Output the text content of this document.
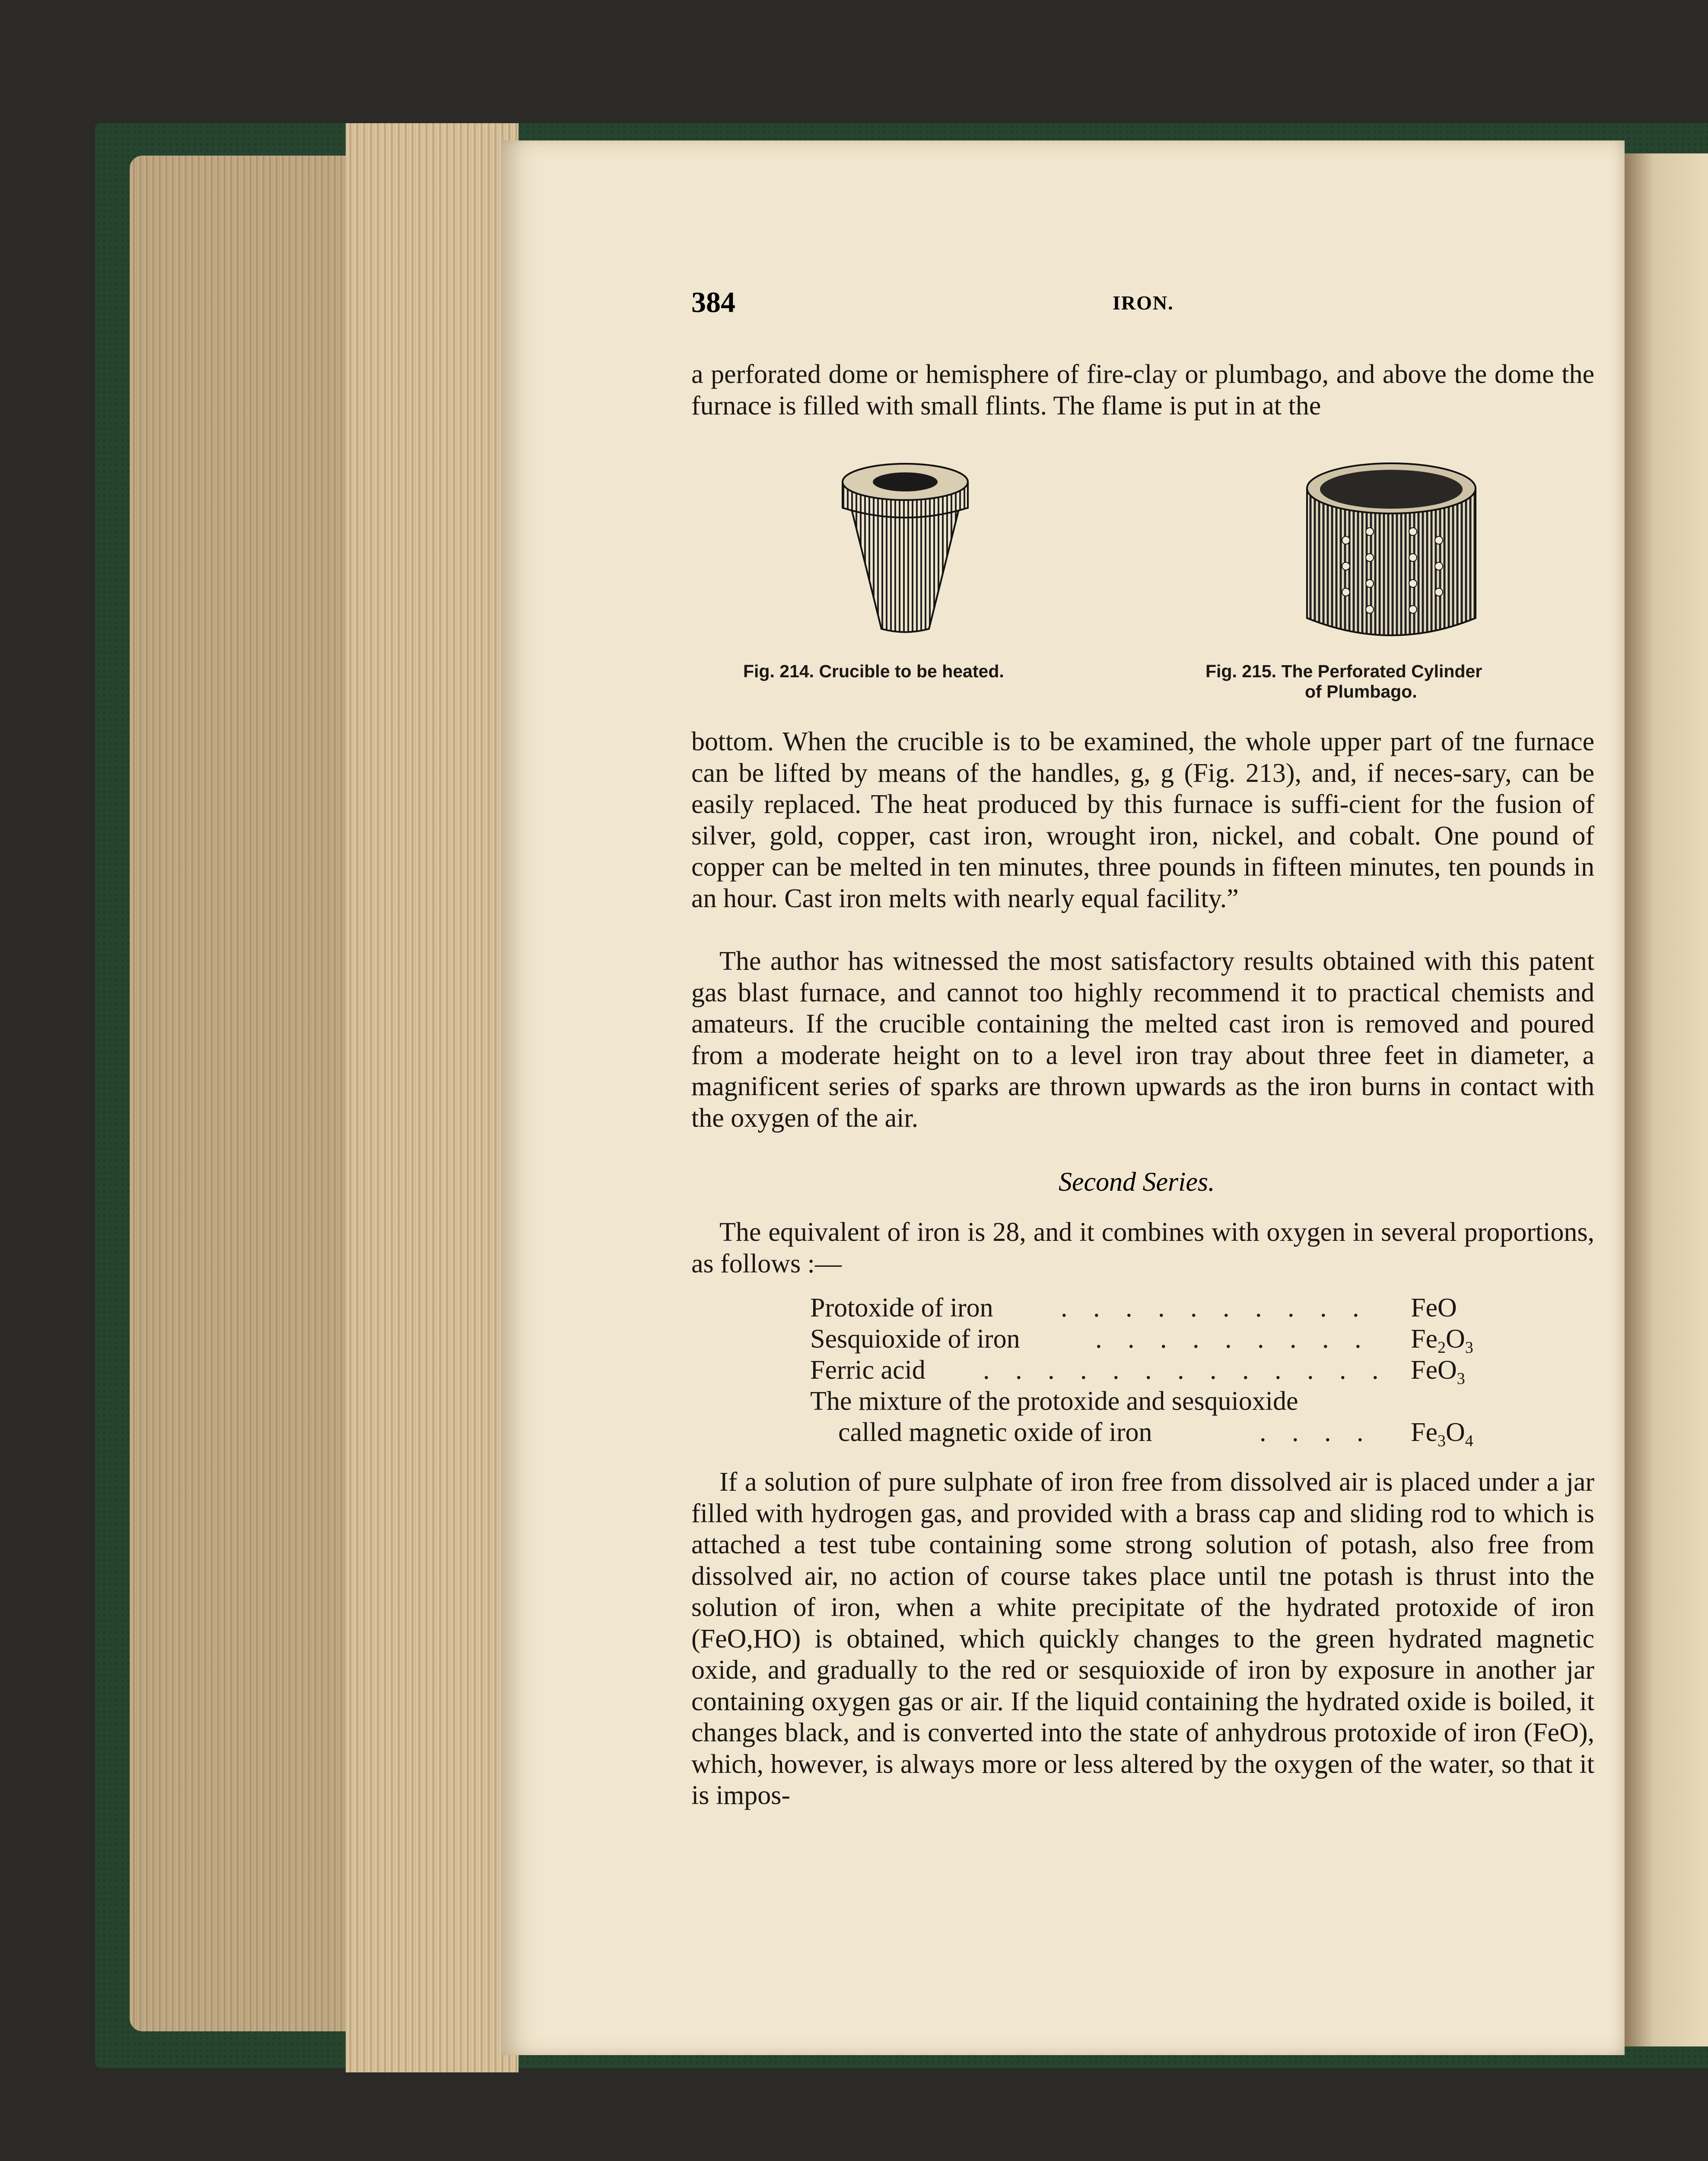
384	IRON.
a perforated dome or hemisphere of fire-clay or plumbago, and above the dome the furnace is filled with small flints. The flame is put in at the
Fig. 214. Crucible to be heated.	Fig. 215. The Perforated Cylinder
of Plumbago.
bottom. When the crucible is to be examined, the whole upper part of tne furnace can be lifted by means of the handles, g, g (Fig. 213), and, if neces-sary, can be easily replaced. The heat produced by this furnace is suffi-cient for the fusion of silver, gold, copper, cast iron, wrought iron, nickel, and cobalt. One pound of copper can be melted in ten minutes, three pounds in fifteen minutes, ten pounds in an hour. Cast iron melts with nearly equal facility.”
The author has witnessed the most satisfactory results obtained with this patent gas blast furnace, and cannot too highly recommend it to practical chemists and amateurs. If the crucible containing the melted cast iron is removed and poured from a moderate height on to a level iron tray about three feet in diameter, a magnificent series of sparks are thrown upwards as the iron burns in contact with the oxygen of the air.
Second Series.
The equivalent of iron is 28, and it combines with oxygen in several proportions, as follows :—
Protoxide of iron	. . . . . . . . . . FeO
Sesquioxide of iron	. . . . . . . . . $Fe_2O_3$
Ferric acid . . . . . . . . . . . . . FeO$_3$
The mixture of the protoxide and sesquioxide
called magnetic oxide of iron	. . . . $Fe_3O_4$
If a solution of pure sulphate of iron free from dissolved air is placed under a jar filled with hydrogen gas, and provided with a brass cap and sliding rod to which is attached a test tube containing some strong solution of potash, also free from dissolved air, no action of course takes place until tne potash is thrust into the solution of iron, when a white precipitate of the hydrated protoxide of iron (FeO,HO) is obtained, which quickly changes to the green hydrated magnetic oxide, and gradually to the red or sesquioxide of iron by exposure in another jar containing oxygen gas or air. If the liquid containing the hydrated oxide is boiled, it changes black, and is converted into the state of anhydrous protoxide of iron (FeO), which, however, is always more or less altered by the oxygen of the water, so that it is impos-
